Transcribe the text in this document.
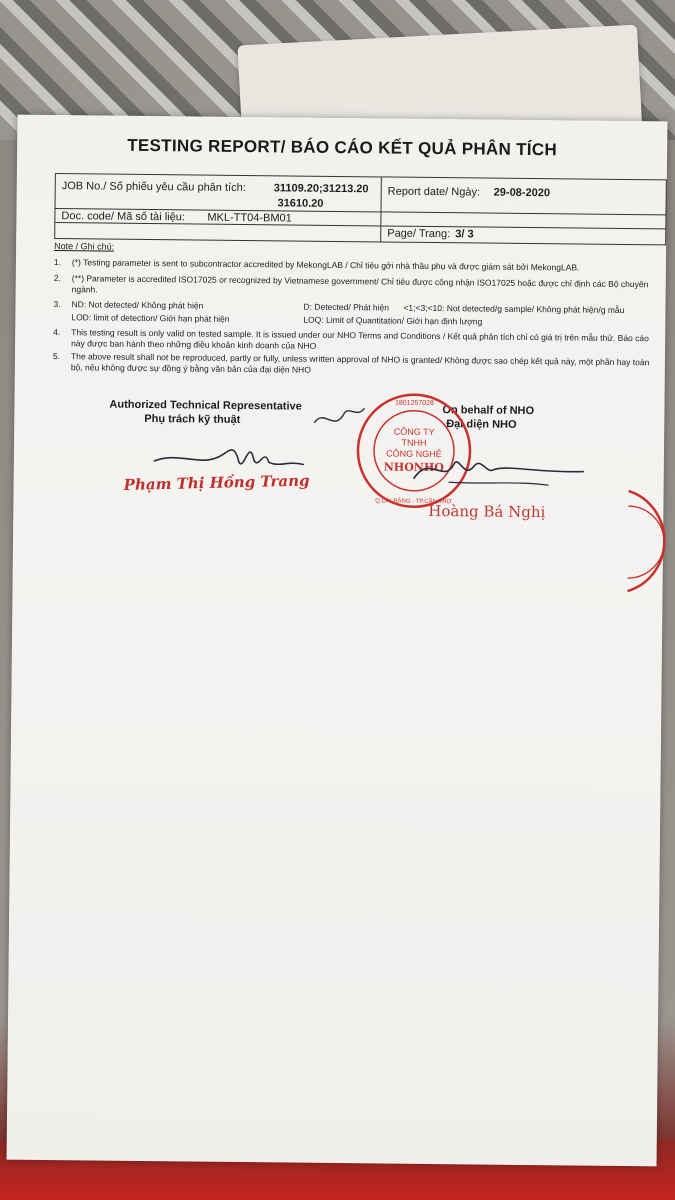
TESTING REPORT/ BÁO CÁO KẾT QUẢ PHÂN TÍCH
JOB No./ Số phiếu yêu cầu phân tích:	31109.20;31213.20
31610.20
Report date/ Ngày: 29-08-2020
Doc. code/ Mã số tài liệu: MKL-TT04-BM01
Page/ Trang: 3/ 3
Note / Ghi chú:
1. (*) Testing parameter is sent to subcontractor accredited by MekongLAB / Chỉ tiêu gởi nhà thầu phụ và được giám sát bởi MekongLAB.
2. (**) Parameter is accredited ISO17025 or recognized by Vietnamese government/ Chỉ tiêu được công nhận ISO17025 hoặc được chỉ định các Bộ chuyên ngành.
3. ND: Not detected/ Không phát hiện	D: Detected/ Phát hiện <1;<3;<10: Not detected/g sample/ Không phát hiện/g mẫu
LOD: limit of detection/ Giới hạn phát hiện	LOQ: Limit of Quantitation/ Giới hạn định lượng
4. This testing result is only valid on tested sample. It is issued under our NHO Terms and Conditions / Kết quả phân tích chỉ có giá trị trên mẫu thử. Báo cáo này được ban hành theo những điều khoản kinh doanh của NHO
5. The above result shall not be reproduced, partly or fully, unless written approval of NHO is granted/ Không được sao chép kết quả này, một phần hay toàn bộ, nếu không được sự đồng ý bằng văn bản của đại diện NHO
Authorized Technical Representative
Phụ trách kỹ thuật
Phạm Thị Hồng Trang
On behalf of NHO
Đại diện NHO
CÔNG TY
TNHH
CÔNG NGHỆ
NHONHO
1801257028
Q.CÁI RĂNG - TP.CẦN THƠ
Hoàng Bá Nghị
